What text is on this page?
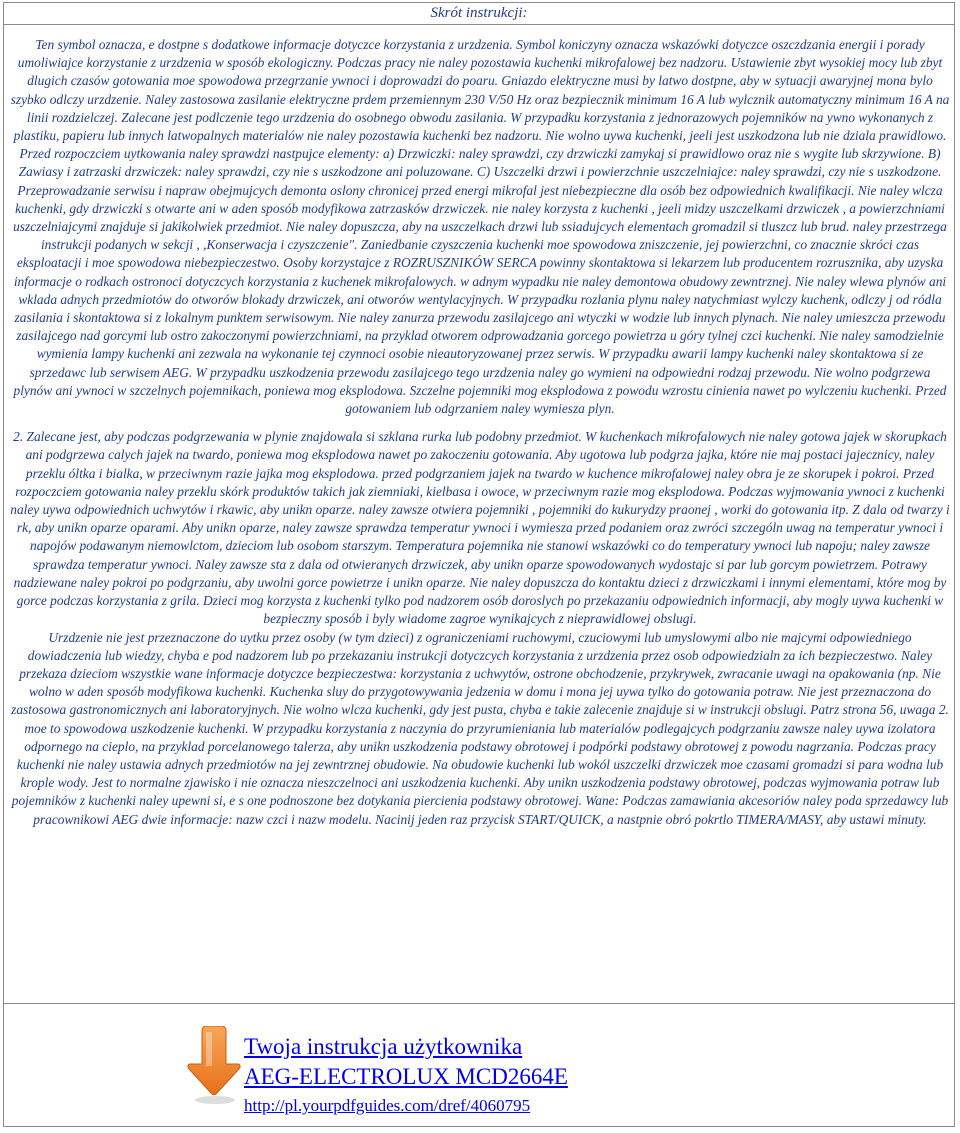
Skrót instrukcji:

Ten symbol oznacza, e dostpne s dodatkowe informacje dotyczce korzystania z urzdzenia. Symbol koniczyny oznacza wskazówki dotyczce oszczdzania energii i porady umoliwiajce korzystanie z urzdzenia w sposób ekologiczny. Podczas pracy nie naley pozostawia kuchenki mikrofalowej bez nadzoru. Ustawienie zbyt wysokiej mocy lub zbyt dlugich czasów gotowania moe spowodowa przegrzanie ywnoci i doprowadzi do poaru. Gniazdo elektryczne musi by latwo dostpne, aby w sytuacji awaryjnej mona bylo szybko odlczy urzdzenie. Naley zastosowa zasilanie elektryczne prdem przemiennym 230 V/50 Hz oraz bezpiecznik minimum 16 A lub wylcznik automatyczny minimum 16 A na linii rozdzielczej. Zalecane jest podlczenie tego urzdzenia do osobnego obwodu zasilania. W przypadku korzystania z jednorazowych pojemników na ywno wykonanych z plastiku, papieru lub innych latwopalnych materialów nie naley pozostawia kuchenki bez nadzoru. Nie wolno uywa kuchenki, jeeli jest uszkodzona lub nie dziala prawidlowo. Przed rozpoczciem uytkowania naley sprawdzi nastpujce elementy: a) Drzwiczki: naley sprawdzi, czy drzwiczki zamykaj si prawidlowo oraz nie s wygite lub skrzywione. B) Zawiasy i zatrzaski drzwiczek: naley sprawdzi, czy nie s uszkodzone ani poluzowane. C) Uszczelki drzwi i powierzchnie uszczelniajce: naley sprawdzi, czy nie s uszkodzone. Przeprowadzanie serwisu i napraw obejmujcych demonta oslony chronicej przed energi mikrofal jest niebezpieczne dla osób bez odpowiednich kwalifikacji. Nie naley wlcza kuchenki, gdy drzwiczki s otwarte ani w aden sposób modyfikowa zatrzasków drzwiczek. nie naley korzysta z kuchenki , jeeli midzy uszczelkami drzwiczek , a powierzchniami uszczelniajcymi znajduje si jakikolwiek przedmiot. Nie naley dopuszcza, aby na uszczelkach drzwi lub ssiadujcych elementach gromadzil si tluszcz lub brud. naley przestrzega instrukcji podanych w sekcji , ,Konserwacja i czyszczenie". Zaniedbanie czyszczenia kuchenki moe spowodowa zniszczenie, jej powierzchni, co znacznie skróci czas eksploatacji i moe spowodowa niebezpieczestwo. Osoby korzystajce z ROZRUSZNIKÓW SERCA powinny skontaktowa si lekarzem lub producentem rozrusznika, aby uzyska informacje o rodkach ostronoci dotyczcych korzystania z kuchenek mikrofalowych. w adnym wypadku nie naley demontowa obudowy zewntrznej. Nie naley wlewa plynów ani wklada adnych przedmiotów do otworów blokady drzwiczek, ani otworów wentylacyjnych. W przypadku rozlania plynu naley natychmiast wylczy kuchenk, odlczy j od ródla zasilania i skontaktowa si z lokalnym punktem serwisowym. Nie naley zanurza przewodu zasilajcego ani wtyczki w wodzie lub innych plynach. Nie naley umieszcza przewodu zasilajcego nad gorcymi lub ostro zakoczonymi powierzchniami, na przyklad otworem odprowadzania gorcego powietrza u góry tylnej czci kuchenki. Nie naley samodzielnie wymienia lampy kuchenki ani zezwala na wykonanie tej czynnoci osobie nieautoryzowanej przez serwis. W przypadku awarii lampy kuchenki naley skontaktowa si ze sprzedawc lub serwisem AEG. W przypadku uszkodzenia przewodu zasilajcego tego urzdzenia naley go wymieni na odpowiedni rodzaj przewodu. Nie wolno podgrzewa plynów ani ywnoci w szczelnych pojemnikach, poniewa mog eksplodowa. Szczelne pojemniki mog eksplodowa z powodu wzrostu cinienia nawet po wylczeniu kuchenki. Przed gotowaniem lub odgrzaniem naley wymiesza plyn.

2. Zalecane jest, aby podczas podgrzewania w plynie znajdowala si szklana rurka lub podobny przedmiot. W kuchenkach mikrofalowych nie naley gotowa jajek w skorupkach ani podgrzewa calych jajek na twardo, poniewa mog eksplodowa nawet po zakoczeniu gotowania. Aby ugotowa lub podgrza jajka, które nie maj postaci jajecznicy, naley przeklu óltka i bialka, w przeciwnym razie jajka mog eksplodowa. przed podgrzaniem jajek na twardo w kuchence mikrofalowej naley obra je ze skorupek i pokroi. Przed rozpoczciem gotowania naley przeklu skórk produktów takich jak ziemniaki, kielbasa i owoce, w przeciwnym razie mog eksplodowa. Podczas wyjmowania ywnoci z kuchenki naley uywa odpowiednich uchwytów i rkawic, aby unikn oparze. naley zawsze otwiera pojemniki , pojemniki do kukurydzy praonej , worki do gotowania itp. Z dala od twarzy i rk, aby unikn oparze oparami. Aby unikn oparze, naley zawsze sprawdza temperatur ywnoci i wymiesza przed podaniem oraz zwróci szczególn uwag na temperatur ywnoci i napojów podawanym niemowlctom, dzieciom lub osobom starszym. Temperatura pojemnika nie stanowi wskazówki co do temperatury ywnoci lub napoju; naley zawsze sprawdza temperatur ywnoci. Naley zawsze sta z dala od otwieranych drzwiczek, aby unikn oparze spowodowanych wydostajc si par lub gorcym powietrzem. Potrawy nadziewane naley pokroi po podgrzaniu, aby uwolni gorce powietrze i unikn oparze. Nie naley dopuszcza do kontaktu dzieci z drzwiczkami i innymi elementami, które mog by gorce podczas korzystania z grila. Dzieci mog korzysta z kuchenki tylko pod nadzorem osób doroslych po przekazaniu odpowiednich informacji, aby mogly uywa kuchenki w bezpieczny sposób i byly wiadome zagroe wynikajcych z nieprawidlowej obslugi.

Urzdzenie nie jest przeznaczone do uytku przez osoby (w tym dzieci) z ograniczeniami ruchowymi, czuciowymi lub umyslowymi albo nie majcymi odpowiedniego dowiadczenia lub wiedzy, chyba e pod nadzorem lub po przekazaniu instrukcji dotyczcych korzystania z urzdzenia przez osob odpowiedzialn za ich bezpieczestwo. Naley przekaza dzieciom wszystkie wane informacje dotyczce bezpieczestwa: korzystania z uchwytów, ostrone obchodzenie, przykrywek, zwracanie uwagi na opakowania (np. Nie wolno w aden sposób modyfikowa kuchenki. Kuchenka sluy do przygotowywania jedzenia w domu i mona jej uywa tylko do gotowania potraw. Nie jest przeznaczona do zastosowa gastronomicznych ani laboratoryjnych. Nie wolno wlcza kuchenki, gdy jest pusta, chyba e takie zalecenie znajduje si w instrukcji obslugi. Patrz strona 56, uwaga 2. moe to spowodowa uszkodzenie kuchenki. W przypadku korzystania z naczynia do przyrumieniania lub materialów podlegajcych podgrzaniu zawsze naley uywa izolatora odpornego na cieplo, na przyklad porcelanowego talerza, aby unikn uszkodzenia podstawy obrotowej i podpórki podstawy obrotowej z powodu nagrzania. Podczas pracy kuchenki nie naley ustawia adnych przedmiotów na jej zewntrznej obudowie. Na obudowie kuchenki lub wokól uszczelki drzwiczek moe czasami gromadzi si para wodna lub krople wody. Jest to normalne zjawisko i nie oznacza nieszczelnoci ani uszkodzenia kuchenki. Aby unikn uszkodzenia podstawy obrotowej, podczas wyjmowania potraw lub pojemników z kuchenki naley upewni si, e s one podnoszone bez dotykania piercienia podstawy obrotowej. Wane: Podczas zamawiania akcesoriów naley poda sprzedawcy lub pracownikowi AEG dwie informacje: nazw czci i nazw modelu. Nacinij jeden raz przycisk START/QUICK, a nastpnie obró pokrtlo TIMERA/MASY, aby ustawi minuty.

Twoja instrukcja użytkownika
AEG-ELECTROLUX MCD2664E
http://pl.yourpdfguides.com/dref/4060795
